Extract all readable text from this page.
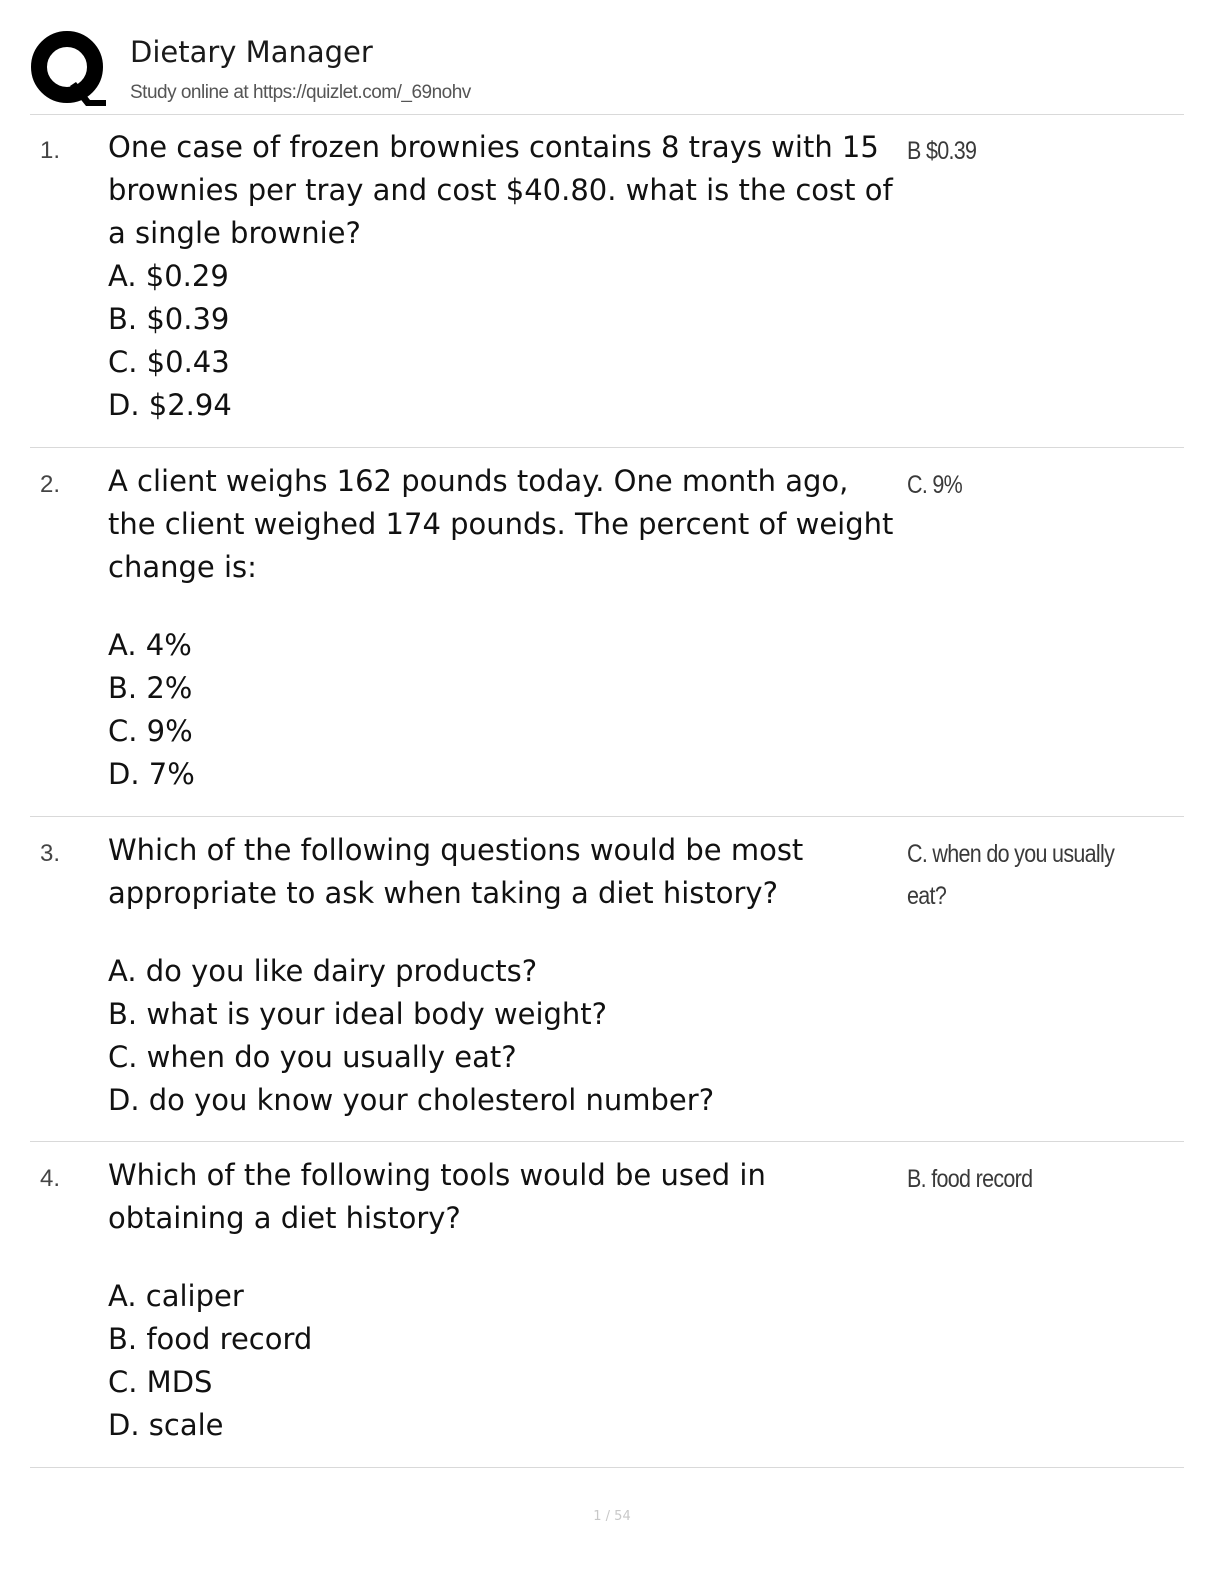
Dietary Manager
Study online at https://quizlet.com/_69nohv
1. One case of frozen brownies contains 8 trays with 15 brownies per tray and cost $40.80. what is the cost of a single brownie?

A. $0.29

B. $0.39

C. $0.43

D. $2.94

B $0.39
2. A client weighs 162 pounds today. One month ago, the client weighed 174 pounds. The percent of weight change is:

A. 4%

B. 2%

C. 9%

D. 7%

C. 9%
3. Which of the following questions would be most appropriate to ask when taking a diet history?

A. do you like dairy products?

B. what is your ideal body weight?

C. when do you usually eat?

D. do you know your cholesterol number?

C. when do you usually eat?
4. Which of the following tools would be used in obtaining a diet history?

A. caliper

B. food record

C. MDS

D. scale

B. food record
1 / 54
